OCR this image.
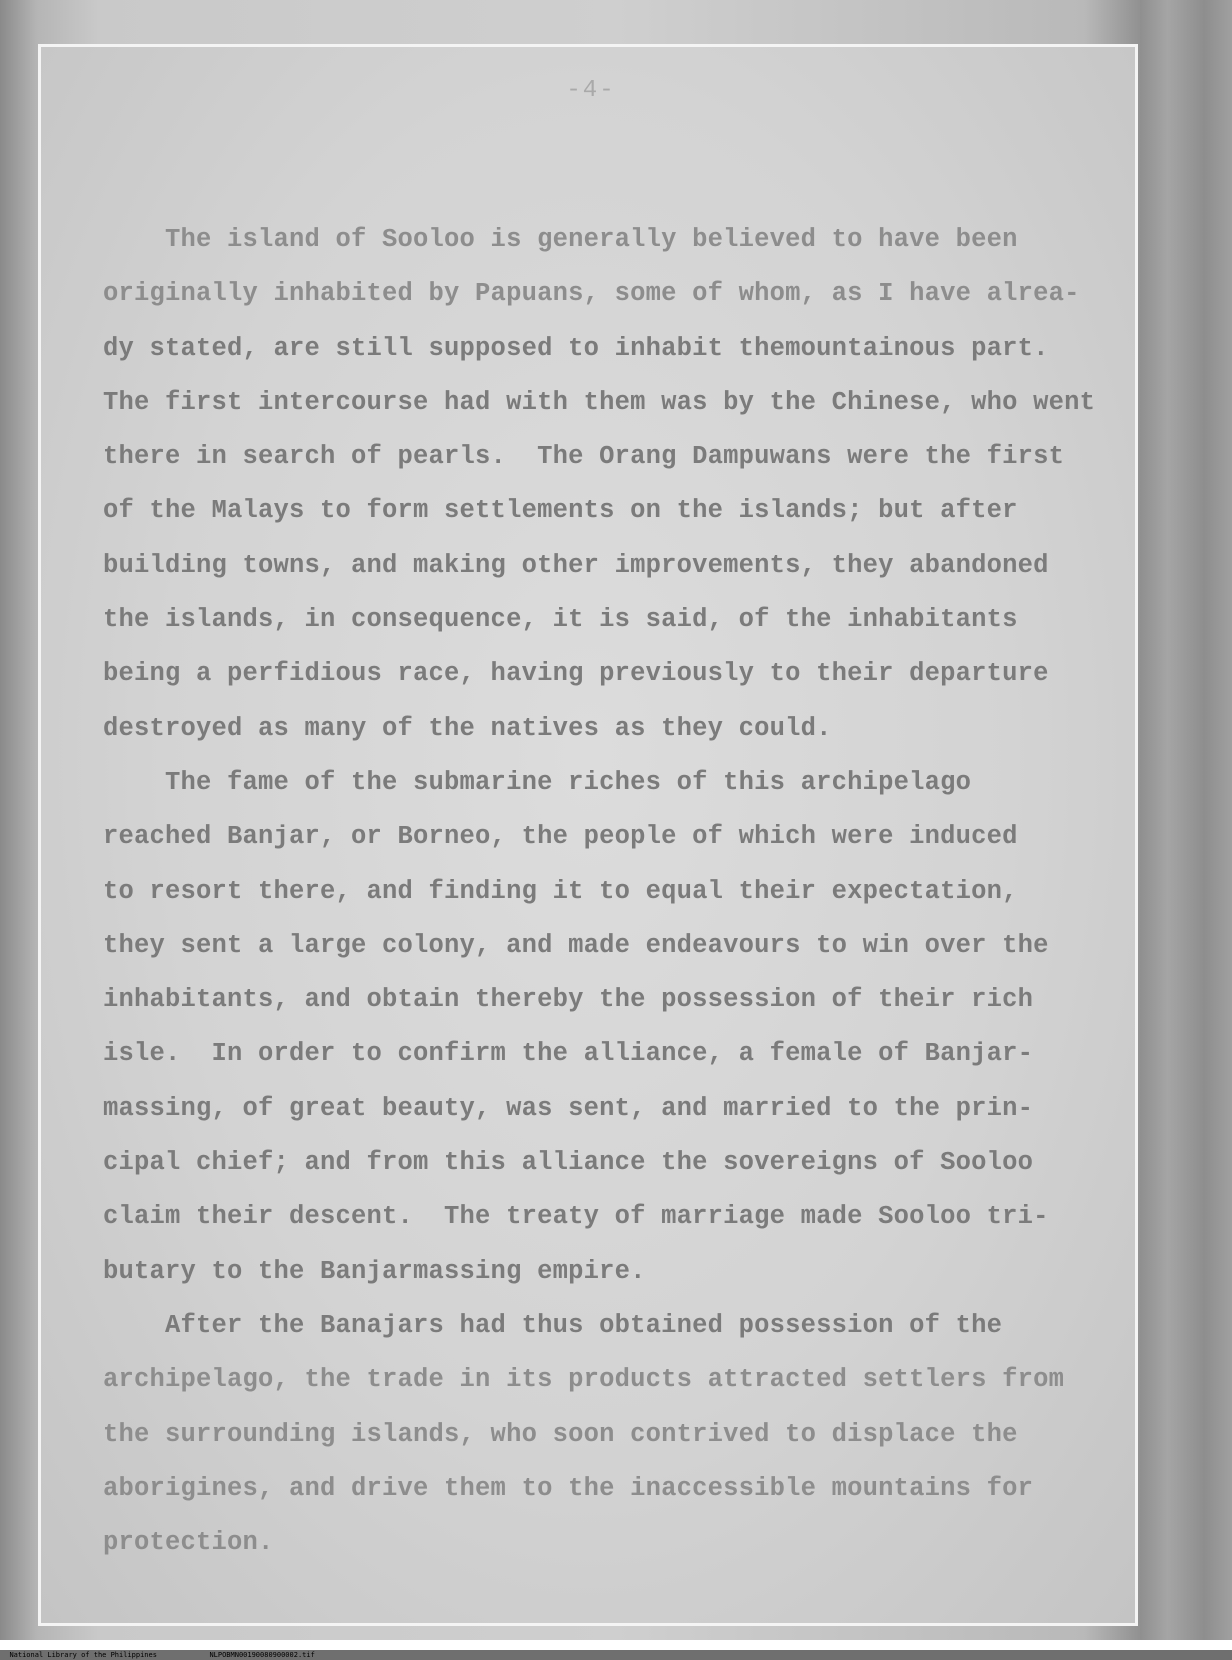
-4-
The island of Sooloo is generally believed to have been
originally inhabited by Papuans, some of whom, as I have alrea-
dy stated, are still supposed to inhabit themountainous part.
The first intercourse had with them was by the Chinese, who went
there in search of pearls.  The Orang Dampuwans were the first
of the Malays to form settlements on the islands; but after
building towns, and making other improvements, they abandoned
the islands, in consequence, it is said, of the inhabitants
being a perfidious race, having previously to their departure
destroyed as many of the natives as they could.
The fame of the submarine riches of this archipelago
reached Banjar, or Borneo, the people of which were induced
to resort there, and finding it to equal their expectation,
they sent a large colony, and made endeavours to win over the
inhabitants, and obtain thereby the possession of their rich
isle.  In order to confirm the alliance, a female of Banjar-
massing, of great beauty, was sent, and married to the prin-
cipal chief; and from this alliance the sovereigns of Sooloo
claim their descent.  The treaty of marriage made Sooloo tri-
butary to the Banjarmassing empire.
After the Banajars had thus obtained possession of the
archipelago, the trade in its products attracted settlers from
the surrounding islands, who soon contrived to displace the
aborigines, and drive them to the inaccessible mountains for
protection.

National Library of the Philippines	NLPOBMN00190080900002.tif
